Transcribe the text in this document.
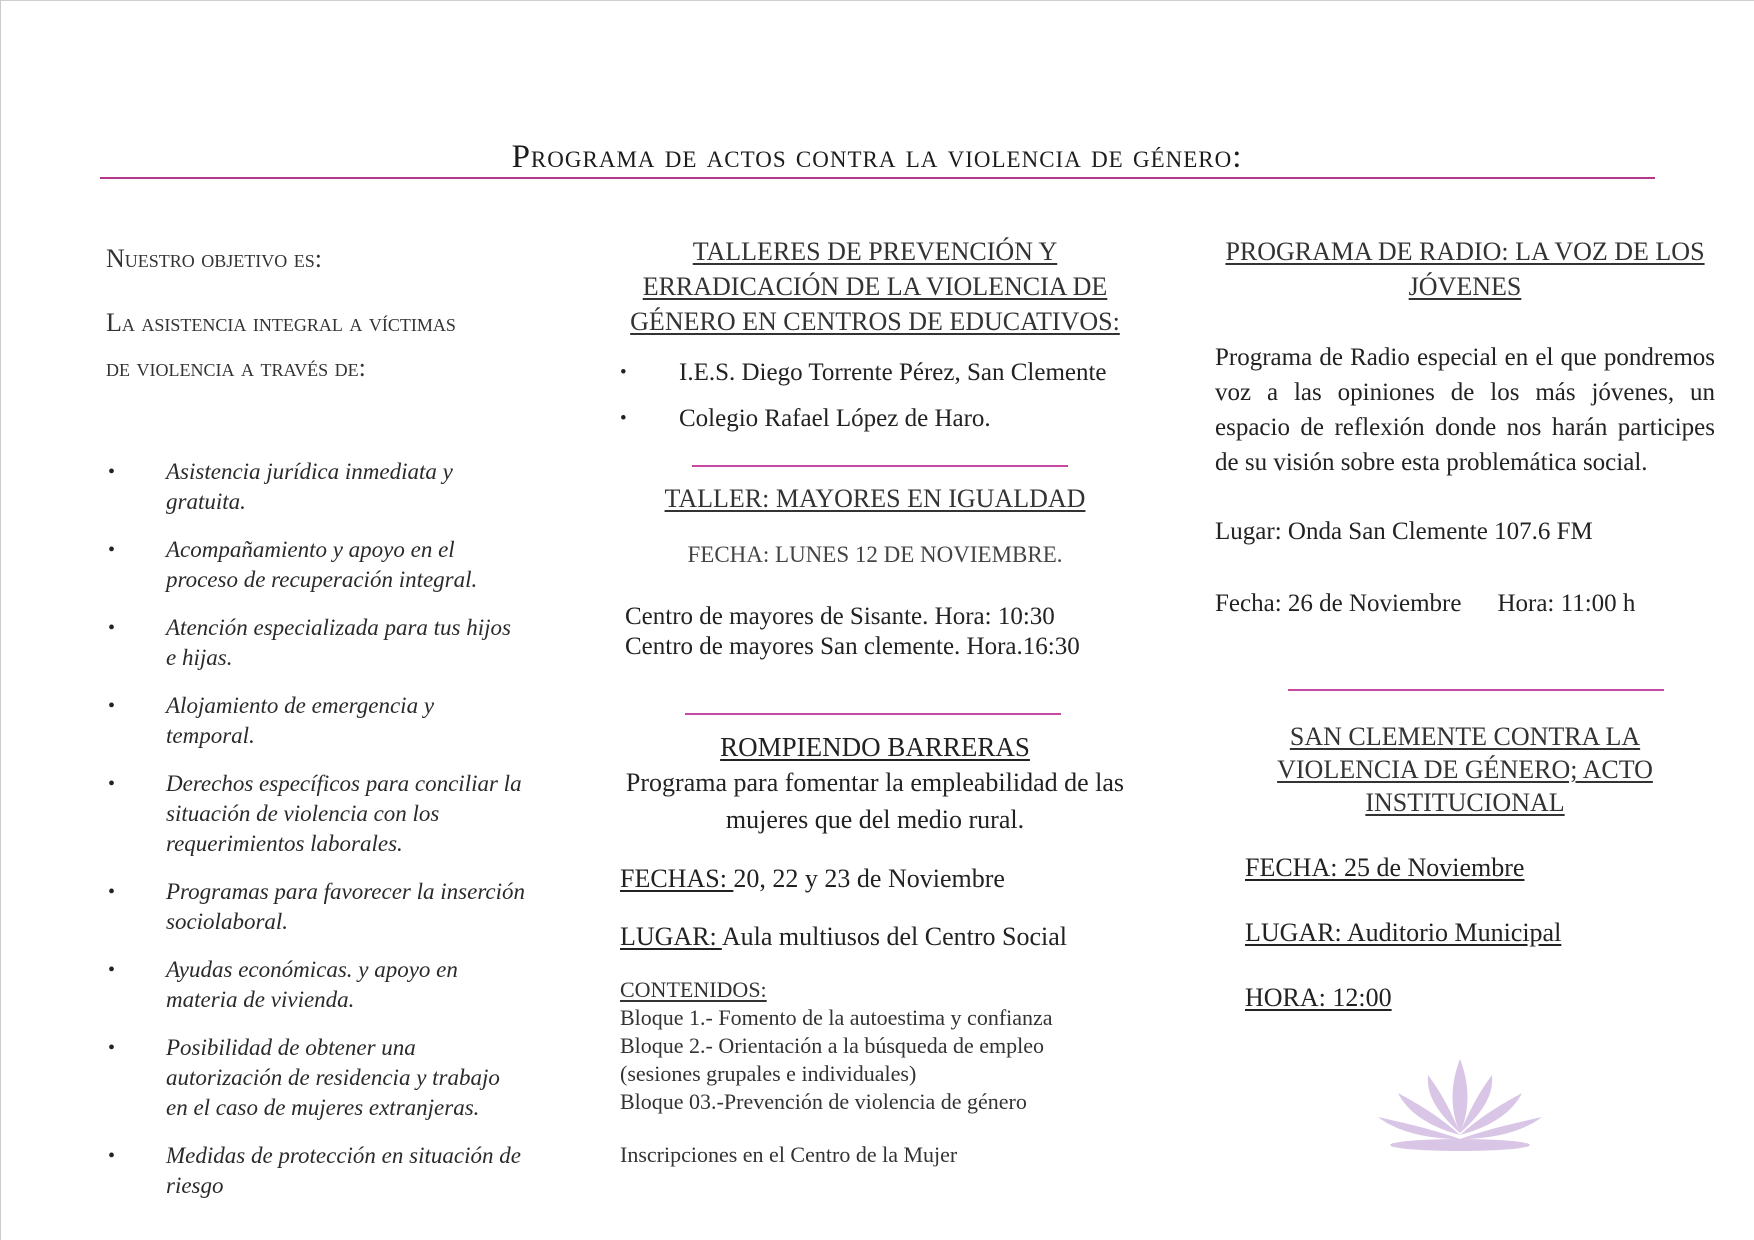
Programa de actos contra la violencia de género:
Nuestro objetivo es:
La asistencia integral a víctimas
de violencia a través de:
• Asistencia jurídica inmediata y gratuita.
• Acompañamiento y apoyo en el proceso de recuperación integral.
• Atención especializada para tus hijos e hijas.
• Alojamiento de emergencia y temporal.
• Derechos específicos para conciliar la situación de violencia con los requerimientos laborales.
• Programas para favorecer la inserción sociolaboral.
• Ayudas económicas. y apoyo en materia de vivienda.
• Posibilidad de obtener una autorización de residencia y trabajo en el caso de mujeres extranjeras.
• Medidas de protección en situación de riesgo
TALLERES DE PREVENCIÓN Y ERRADICACIÓN DE LA VIOLENCIA DE GÉNERO EN CENTROS DE EDUCATIVOS:
• I.E.S. Diego Torrente Pérez, San Clemente
• Colegio Rafael López de Haro.
TALLER: MAYORES EN IGUALDAD
FECHA: LUNES 12 DE NOVIEMBRE.
Centro de mayores de Sisante. Hora: 10:30
Centro de mayores San clemente. Hora.16:30
ROMPIENDO BARRERAS
Programa para fomentar la empleabilidad de las mujeres que del medio rural.
FECHAS: 20, 22 y 23 de Noviembre
LUGAR: Aula multiusos del Centro Social
CONTENIDOS:
Bloque 1.- Fomento de la autoestima y confianza
Bloque 2.- Orientación a la búsqueda de empleo
(sesiones grupales e individuales)
Bloque 03.-Prevención de violencia de género
Inscripciones en el Centro de la Mujer
PROGRAMA DE RADIO: LA VOZ DE LOS JÓVENES
Programa de Radio especial en el que pondremos voz a las opiniones de los más jóvenes, un espacio de reflexión donde nos harán participes de su visión sobre esta problemática social.
Lugar: Onda San Clemente 107.6 FM
Fecha: 26 de Noviembre Hora: 11:00 h
SAN CLEMENTE CONTRA LA VIOLENCIA DE GÉNERO; ACTO INSTITUCIONAL
FECHA: 25 de Noviembre
LUGAR: Auditorio Municipal
HORA: 12:00
